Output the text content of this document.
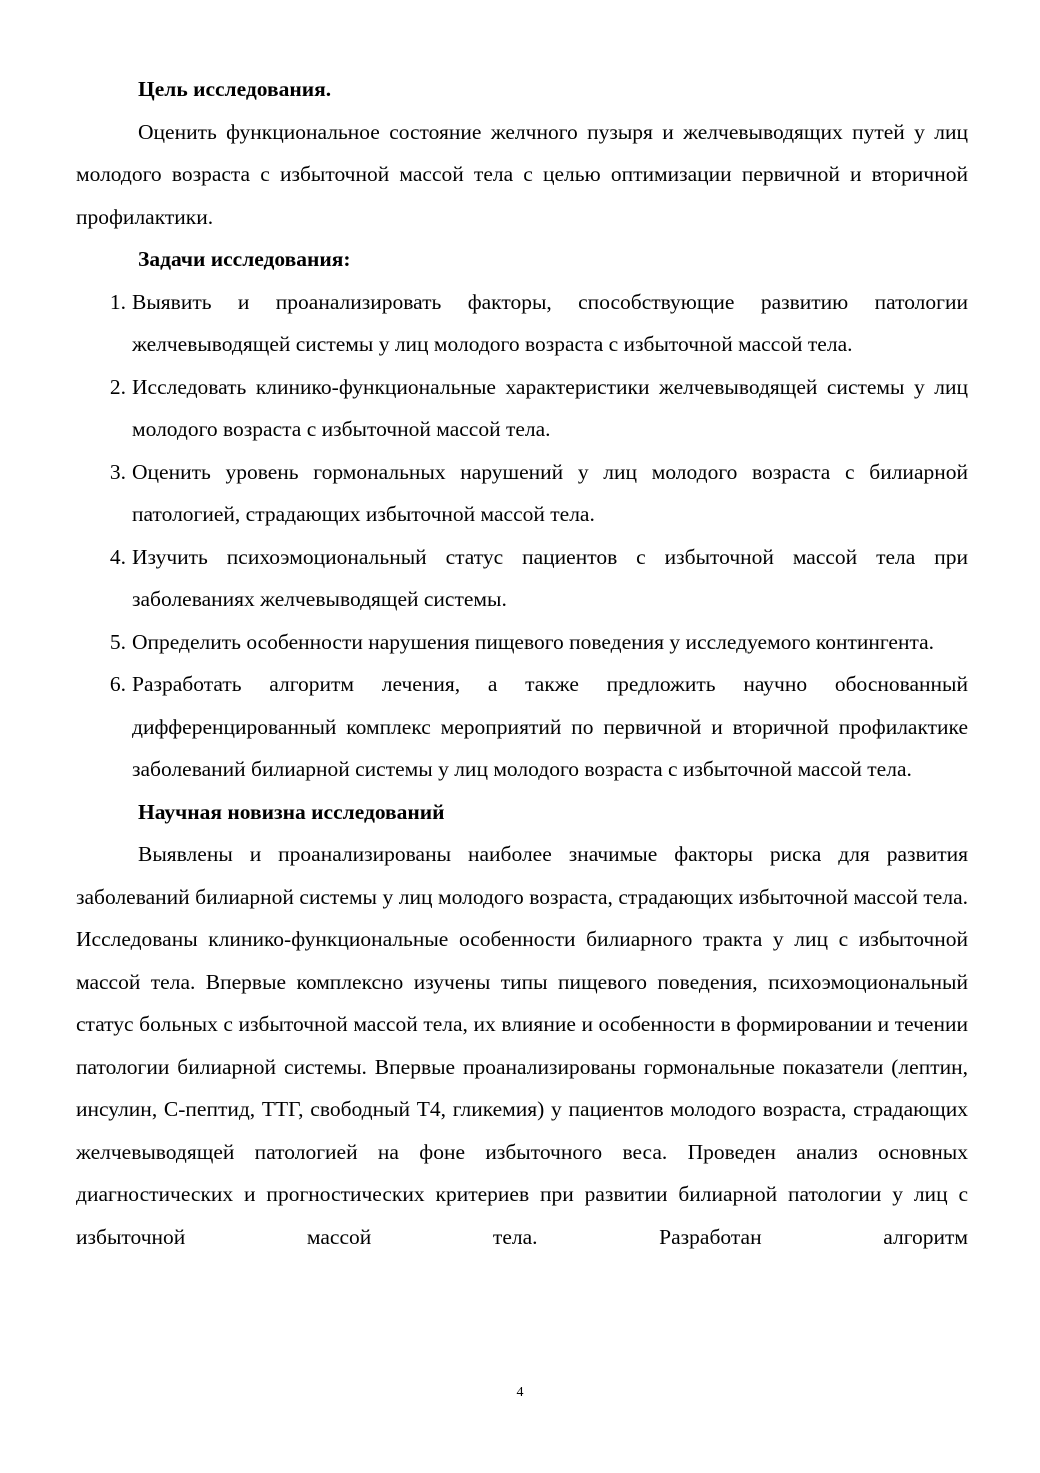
Цель исследования.

Оценить функциональное состояние желчного пузыря и желчевыводящих путей у лиц молодого возраста с избыточной массой тела с целью оптимизации первичной и вторичной профилактики.

Задачи исследования:

1. Выявить и проанализировать факторы, способствующие развитию патологии желчевыводящей системы у лиц молодого возраста с избыточной массой тела.
2. Исследовать клинико-функциональные характеристики желчевыводящей системы у лиц молодого возраста с избыточной массой тела.
3. Оценить уровень гормональных нарушений у лиц молодого возраста с билиарной патологией, страдающих избыточной массой тела.
4. Изучить психоэмоциональный статус пациентов с избыточной массой тела при заболеваниях желчевыводящей системы.
5. Определить особенности нарушения пищевого поведения у исследуемого контингента.
6. Разработать алгоритм лечения, а также предложить научно обоснованный дифференцированный комплекс мероприятий по первичной и вторичной профилактике заболеваний билиарной системы у лиц молодого возраста с избыточной массой тела.

Научная новизна исследований

Выявлены и проанализированы наиболее значимые факторы риска для развития заболеваний билиарной системы у лиц молодого возраста, страдающих избыточной массой тела. Исследованы клинико-функциональные особенности билиарного тракта у лиц с избыточной массой тела. Впервые комплексно изучены типы пищевого поведения, психоэмоциональный статус больных с избыточной массой тела, их влияние и особенности в формировании и течении патологии билиарной системы. Впервые проанализированы гормональные показатели (лептин, инсулин, С-пептид, ТТГ, свободный Т4, гликемия) у пациентов молодого возраста, страдающих желчевыводящей патологией на фоне избыточного веса. Проведен анализ основных диагностических и прогностических критериев при развитии билиарной патологии у лиц с избыточной массой тела. Разработан алгоритм

4
